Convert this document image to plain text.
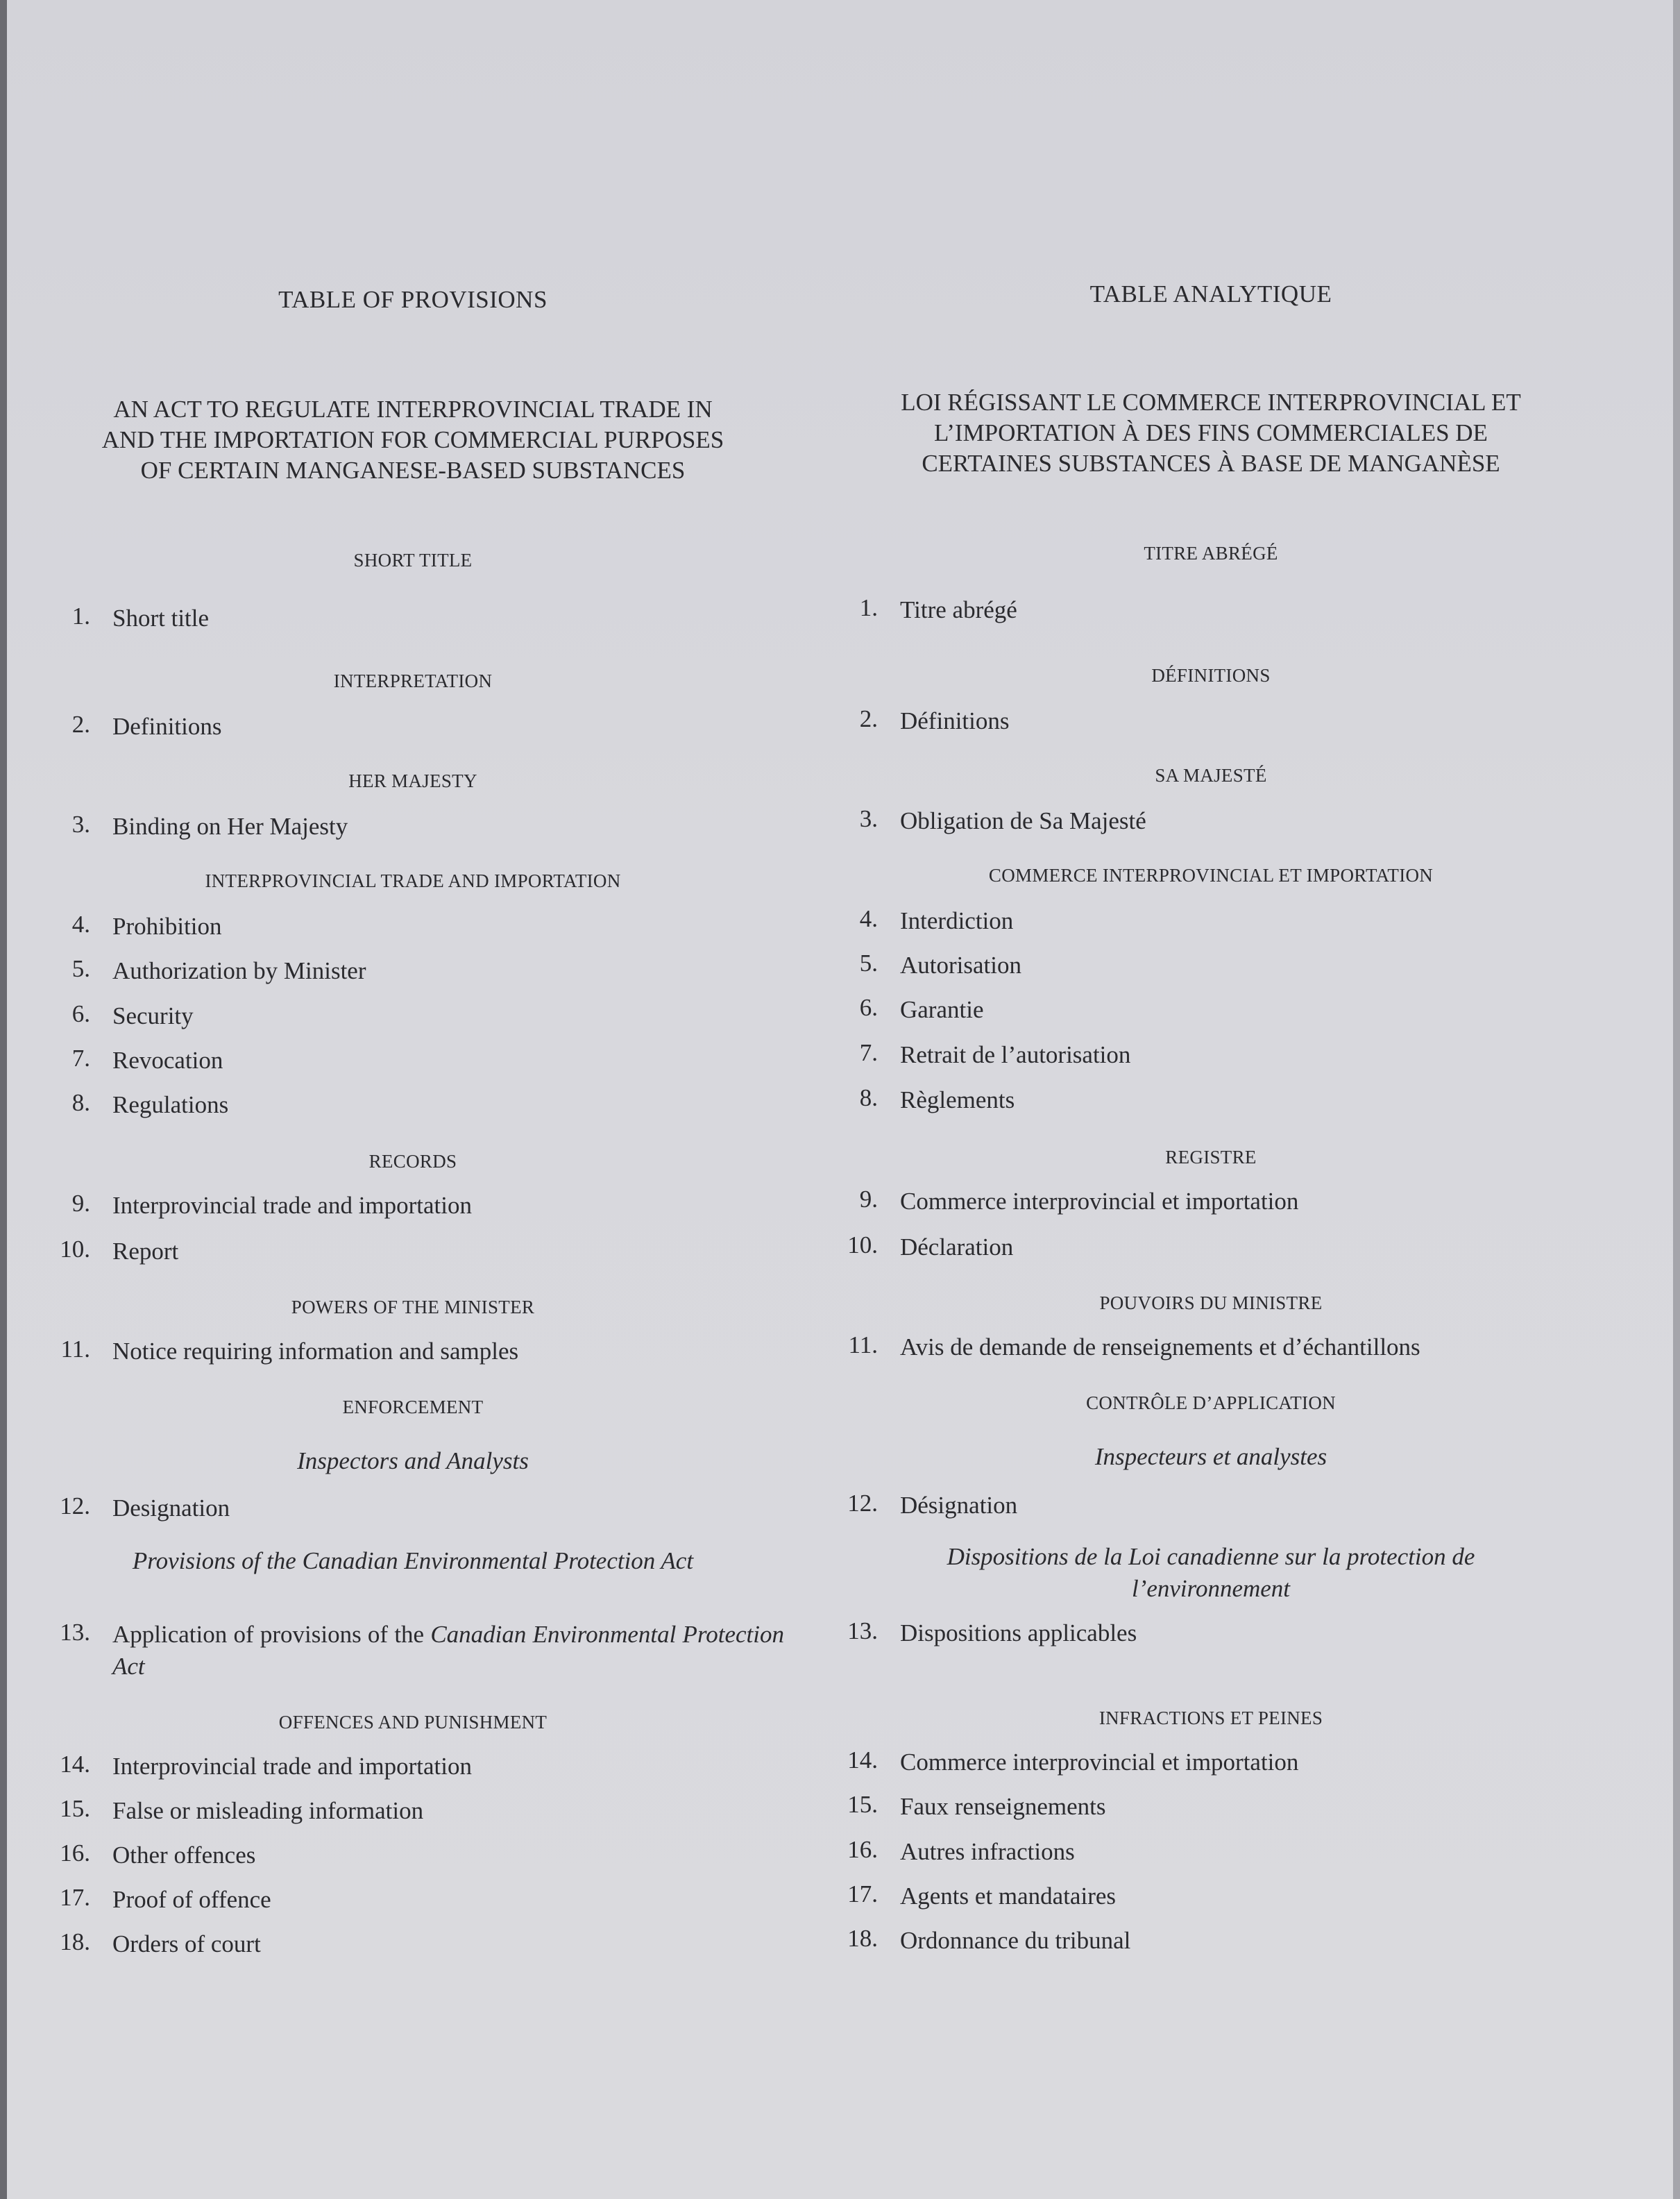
TABLE OF PROVISIONS
AN ACT TO REGULATE INTERPROVINCIAL TRADE IN
AND THE IMPORTATION FOR COMMERCIAL PURPOSES
OF CERTAIN MANGANESE-BASED SUBSTANCES
SHORT TITLE
1. Short title
INTERPRETATION
2. Definitions
HER MAJESTY
3. Binding on Her Majesty
INTERPROVINCIAL TRADE AND IMPORTATION
4. Prohibition
5. Authorization by Minister
6. Security
7. Revocation
8. Regulations
RECORDS
9. Interprovincial trade and importation
10. Report
POWERS OF THE MINISTER
11. Notice requiring information and samples
ENFORCEMENT
Inspectors and Analysts
12. Designation
Provisions of the Canadian Environmental Protection Act
13. Application of provisions of the Canadian Environmental Protection Act
OFFENCES AND PUNISHMENT
14. Interprovincial trade and importation
15. False or misleading information
16. Other offences
17. Proof of offence
18. Orders of court
TABLE ANALYTIQUE
LOI RÉGISSANT LE COMMERCE INTERPROVINCIAL ET
L’IMPORTATION À DES FINS COMMERCIALES DE
CERTAINES SUBSTANCES À BASE DE MANGANÈSE
TITRE ABRÉGÉ
1. Titre abrégé
DÉFINITIONS
2. Définitions
SA MAJESTÉ
3. Obligation de Sa Majesté
COMMERCE INTERPROVINCIAL ET IMPORTATION
4. Interdiction
5. Autorisation
6. Garantie
7. Retrait de l’autorisation
8. Règlements
REGISTRE
9. Commerce interprovincial et importation
10. Déclaration
POUVOIRS DU MINISTRE
11. Avis de demande de renseignements et d’échantillons
CONTRÔLE D’APPLICATION
Inspecteurs et analystes
12. Désignation
Dispositions de la Loi canadienne sur la protection de
l’environnement
13. Dispositions applicables
INFRACTIONS ET PEINES
14. Commerce interprovincial et importation
15. Faux renseignements
16. Autres infractions
17. Agents et mandataires
18. Ordonnance du tribunal
